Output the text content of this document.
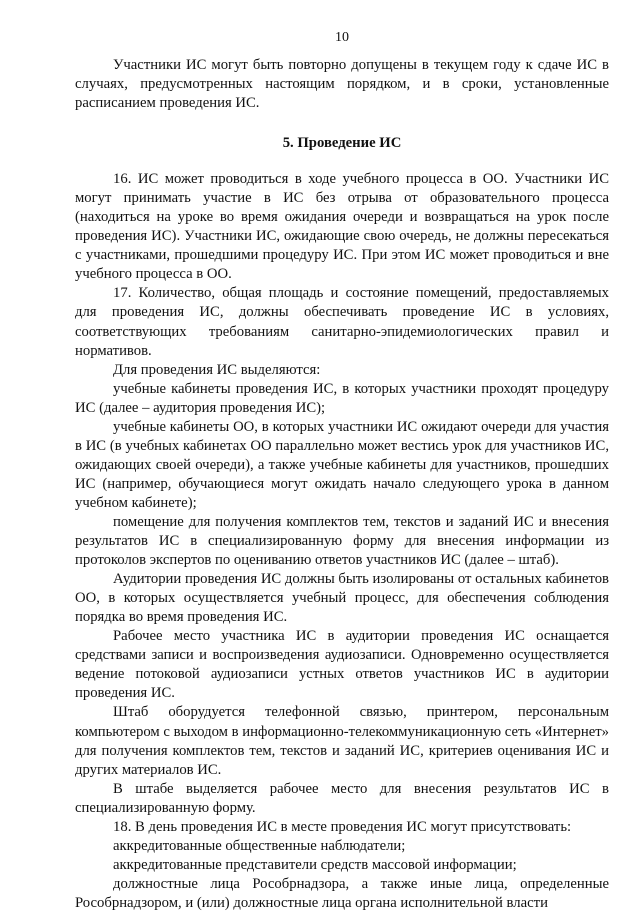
10

Участники ИС могут быть повторно допущены в текущем году к сдаче ИС в случаях, предусмотренных настоящим порядком, и в сроки, установленные расписанием проведения ИС.

5. Проведение ИС

16. ИС может проводиться в ходе учебного процесса в ОО. Участники ИС могут принимать участие в ИС без отрыва от образовательного процесса (находиться на уроке во время ожидания очереди и возвращаться на урок после проведения ИС). Участники ИС, ожидающие свою очередь, не должны пересекаться с участниками, прошедшими процедуру ИС. При этом ИС может проводиться и вне учебного процесса в ОО.

17. Количество, общая площадь и состояние помещений, предоставляемых для проведения ИС, должны обеспечивать проведение ИС в условиях, соответствующих требованиям санитарно-эпидемиологических правил и нормативов.

Для проведения ИС выделяются:

учебные кабинеты проведения ИС, в которых участники проходят процедуру ИС (далее – аудитория проведения ИС);

учебные кабинеты ОО, в которых участники ИС ожидают очереди для участия в ИС (в учебных кабинетах ОО параллельно может вестись урок для участников ИС, ожидающих своей очереди), а также учебные кабинеты для участников, прошедших ИС (например, обучающиеся могут ожидать начало следующего урока в данном учебном кабинете);

помещение для получения комплектов тем, текстов и заданий ИС и внесения результатов ИС в специализированную форму для внесения информации из протоколов экспертов по оцениванию ответов участников ИС (далее – штаб).

Аудитории проведения ИС должны быть изолированы от остальных кабинетов ОО, в которых осуществляется учебный процесс, для обеспечения соблюдения порядка во время проведения ИС.

Рабочее место участника ИС в аудитории проведения ИС оснащается средствами записи и воспроизведения аудиозаписи. Одновременно осуществляется ведение потоковой аудиозаписи устных ответов участников ИС в аудитории проведения ИС.

Штаб оборудуется телефонной связью, принтером, персональным компьютером с выходом в информационно-телекоммуникационную сеть «Интернет» для получения комплектов тем, текстов и заданий ИС, критериев оценивания ИС и других материалов ИС.

В штабе выделяется рабочее место для внесения результатов ИС в специализированную форму.

18. В день проведения ИС в месте проведения ИС могут присутствовать:

аккредитованные общественные наблюдатели;

аккредитованные представители средств массовой информации;

должностные лица Рособрнадзора, а также иные лица, определенные Рособрнадзором, и (или) должностные лица органа исполнительной власти
